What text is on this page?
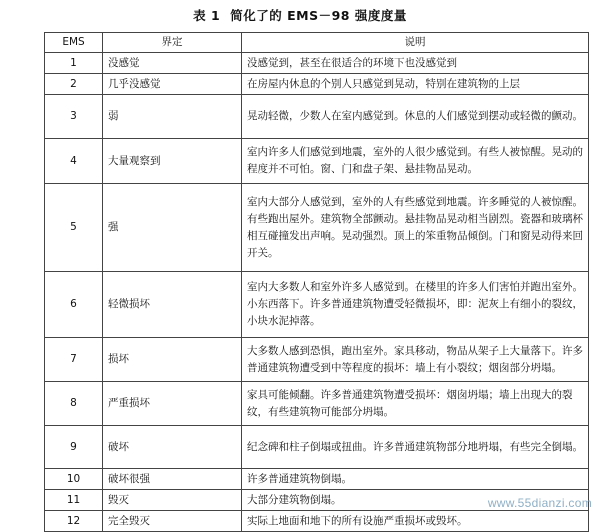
表 1 简化了的 EMS－98 强度度量
EMS	界定	说明
1	没感觉	没感觉到，甚至在很适合的环境下也没感觉到
2	几乎没感觉	在房屋内休息的个别人只感觉到晃动，特别在建筑物的上层
3	弱	晃动轻微，少数人在室内感觉到。休息的人们感觉到摆动或轻微的颤动。
4	大量观察到	室内许多人们感觉到地震，室外的人很少感觉到。有些人被惊醒。晃动的程度并不可怕。窗、门和盘子架、悬挂物品晃动。
5	强	室内大部分人感觉到，室外的人有些感觉到地震。许多睡觉的人被惊醒。有些跑出屋外。建筑物全部颤动。悬挂物品晃动相当剧烈。瓷器和玻璃杯相互碰撞发出声响。晃动强烈。顶上的笨重物品倾倒。门和窗晃动得来回开关。
6	轻微损坏	室内大多数人和室外许多人感觉到。在楼里的许多人们害怕并跑出室外。小东西落下。许多普通建筑物遭受轻微损坏，即：泥灰上有细小的裂纹，小块水泥掉落。
7	损坏	大多数人感到恐惧，跑出室外。家具移动，物品从架子上大量落下。许多普通建筑物遭受到中等程度的损坏：墙上有小裂纹；烟囱部分坍塌。
8	严重损坏	家具可能倾翻。许多普通建筑物遭受损坏：烟囱坍塌；墙上出现大的裂纹，有些建筑物可能部分坍塌。
9	破坏	纪念碑和柱子倒塌或扭曲。许多普通建筑物部分地坍塌，有些完全倒塌。
10	破坏很强	许多普通建筑物倒塌。
11	毁灭	大部分建筑物倒塌。
12	完全毁灭	实际上地面和地下的所有设施严重损坏或毁坏。
www.55dianzi.com
